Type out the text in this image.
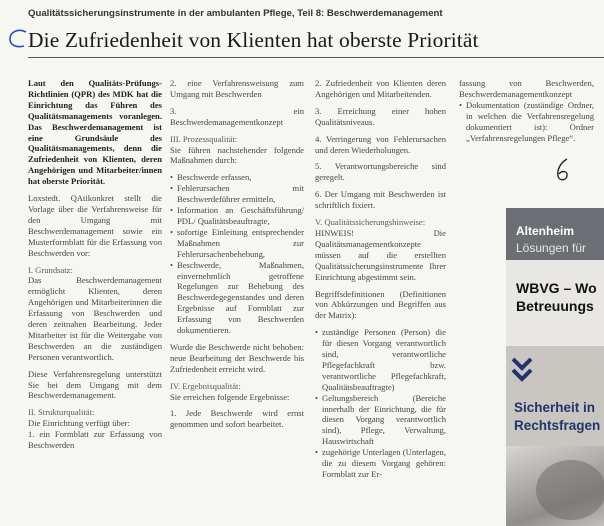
Qualitätssicherungsinstrumente in der ambulanten Pflege, Teil 8: Beschwerdemanagement
Die Zufriedenheit von Klienten hat oberste Priorität

Laut den Qualitäts-Prüfungs-Richtlinien (QPR) des MDK hat die Einrichtung das Führen des Qualitätsmanagements voranlegen. Das Beschwerdemanagement ist eine Grundsäule des Qualitätsmanagements, denn die Zufriedenheit von Klienten, deren Angehörigen und Mitarbeiter/innen hat oberste Priorität.

Loxstedt. QAtikonkret stellt die Vorlage über die Verfahrensweise für den Umgang mit Beschwerdemanagement sowie ein Musterformblatt für die Erfassung von Beschwerden vor:

I. Grundsatz:

Das Beschwerdemanagement ermöglicht Klienten, deren Angehörigen und Mitarbeiterinnen die Erfassung von Beschwerden und deren zeitnahen Bearbeitung. Jeder Mitarbeiter ist für die Weitergabe von Beschwerden an die zuständigen Personen verantwortlich.

Diese Verfahrensregelung unterstützt Sie bei dem Umgang mit dem Beschwerdemanagement.

II. Strukturqualität:

Die Einrichtung verfügt über:

1. ein Formblatt zur Erfassung von Beschwerden

2. eine Verfahrensweisung zum Umgang mit Beschwerden

3. ein Beschwerdemanagementkonzept

III. Prozessqualität:

Sie führen nachstehender folgende Maßnahmen durch:

• Beschwerde erfassen,
• Fehlerursachen mit Beschwerdeführer ermitteln,
• Information an Geschäftsführung/ PDL/ Qualitätsbeauftragte,
• sofortige Einleitung entsprechender Maßnahmen zur Fehlerursachenbehebung,
• Beschwerde, Maßnahmen, einvernehmlich getroffene Regelungen zur Behebung des Beschwerdegegenstandes und deren Ergebnisse auf Formblatt zur Erfassung von Beschwerden dokumentieren.

Wurde die Beschwerde nicht behoben: neue Bearbeitung der Beschwerde bis Zufriedenheit erreicht wird.

IV. Ergebnisqualität:

Sie erreichen folgende Ergebnisse:

1. Jede Beschwerde wird ernst genommen und sofort bearbeitet.

2. Zufriedenheit von Klienten deren Angehörigen und Mitarbeitenden.

3. Erreichung einer hohen Qualitätsniveaus.

4. Verringerung von Fehlerursachen und deren Wiederholungen.

5. Verantwortungsbereiche sind geregelt.

6. Der Umgang mit Beschwerden ist schriftlich fixiert.

V. Qualitätssicherungshinweise:

HINWEIS! Die Qualitätsmanagementkonzepte müssen auf die erstellten Qualitätssicherungsinstrumente Ihrer Einrichtung abgestimmt sein.

Begriffsdefinitionen (Definitionen von Abkürzungen und Begriffen aus der Matrix):

• zuständige Personen (Person) die für diesen Vorgang verantwortlich sind, verantwortliche Pflegefachkraft bzw. verantwortliche Pflegefachkraft, Qualitätsbeauftragte)
• Geltungsbereich (Bereiche innerhalb der Einrichtung, die für diesen Vorgang verantwortlich sind), Pflege, Verwaltung, Hauswirtschaft
• zugehörige Unterlagen (Unterlagen, die zu diesem Vorgang gehören: Formblatt zur Er-

fassung von Beschwerden, Beschwerdemanagementkonzept

• Dokumentation (zuständige Ordner, in welchen die Verfahrensregelung dokumentiert ist): Ordner „Verfahrensregelungen Pflege“.
Altenheim
Lösungen für
WBVG – Wo
Betreuungs
Sicherheit in
Rechtsfragen
